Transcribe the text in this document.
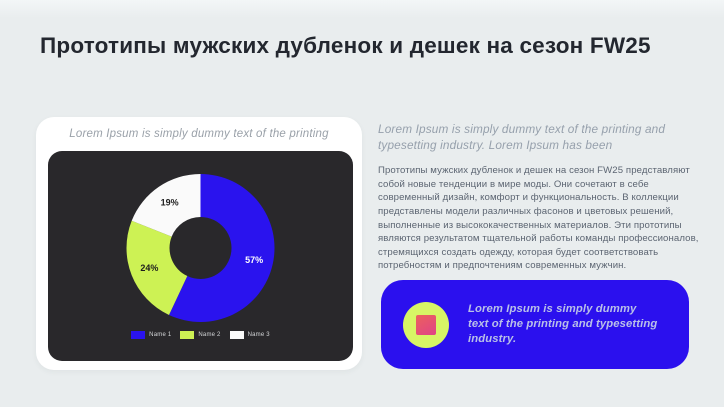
Прототипы мужских дубленок и дешек на сезон FW25
Lorem Ipsum is simply dummy text of the printing
57%
24%
19%
Name 1	Name 2	Name 3

Lorem Ipsum is simply dummy text of the printing and typesetting industry. Lorem Ipsum has been

Прототипы мужских дубленок и дешек на сезон FW25 представляют собой новые тенденции в мире моды. Они сочетают в себе современный дизайн, комфорт и функциональность. В коллекции представлены модели различных фасонов и цветовых решений, выполненные из высококачественных материалов. Эти прототипы являются результатом тщательной работы команды профессионалов, стремящихся создать одежду, которая будет соответствовать потребностям и предпочтениям современных мужчин.

Lorem Ipsum is simply dummy text of the printing and typesetting industry.
